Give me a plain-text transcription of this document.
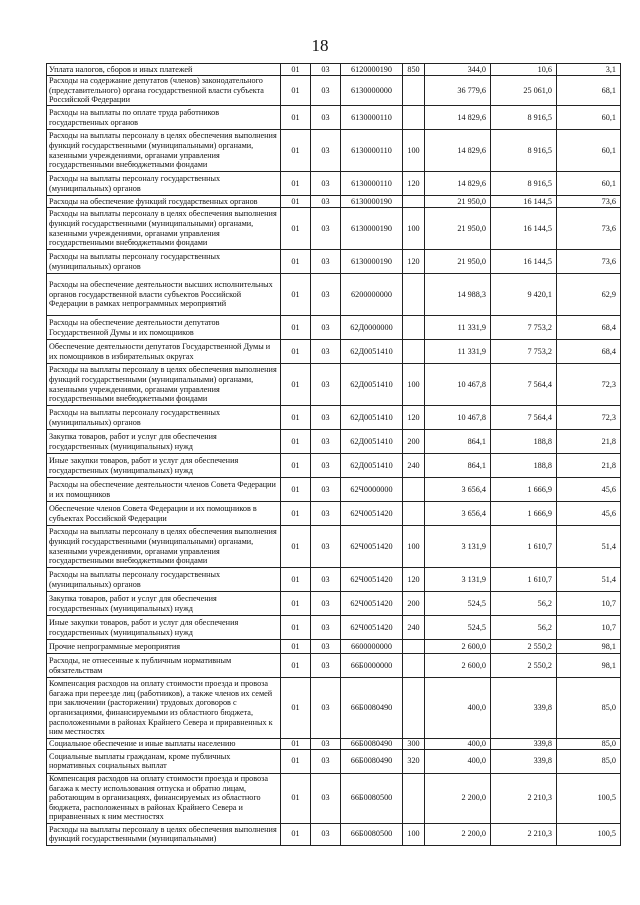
18
Уплата налогов, сборов и иных платежей	01	03	6120000190	850	344,0	10,6	3,1
Расходы на содержание депутатов (членов) законодательного (представительного) органа государственной власти субъекта Российской Федерации	01	03	6130000000		36 779,6	25 061,0	68,1
Расходы на выплаты по оплате труда работников государственных органов	01	03	6130000110		14 829,6	8 916,5	60,1
Расходы на выплаты персоналу в целях обеспечения выполнения функций государственными (муниципальными) органами, казенными учреждениями, органами управления государственными внебюджетными фондами	01	03	6130000110	100	14 829,6	8 916,5	60,1
Расходы на выплаты персоналу государственных (муниципальных) органов	01	03	6130000110	120	14 829,6	8 916,5	60,1
Расходы на обеспечение функций государственных органов	01	03	6130000190		21 950,0	16 144,5	73,6
Расходы на выплаты персоналу в целях обеспечения выполнения функций государственными (муниципальными) органами, казенными учреждениями, органами управления государственными внебюджетными фондами	01	03	6130000190	100	21 950,0	16 144,5	73,6
Расходы на выплаты персоналу государственных (муниципальных) органов	01	03	6130000190	120	21 950,0	16 144,5	73,6
Расходы на обеспечение деятельности высших исполнительных органов государственной власти субъектов Российской Федерации в рамках непрограммных мероприятий	01	03	6200000000		14 988,3	9 420,1	62,9
Расходы на обеспечение деятельности депутатов Государственной Думы и их помощников	01	03	62Д0000000		11 331,9	7 753,2	68,4
Обеспечение деятельности депутатов Государственной Думы и их помощников в избирательных округах	01	03	62Д0051410		11 331,9	7 753,2	68,4
Расходы на выплаты персоналу в целях обеспечения выполнения функций государственными (муниципальными) органами, казенными учреждениями, органами управления государственными внебюджетными фондами	01	03	62Д0051410	100	10 467,8	7 564,4	72,3
Расходы на выплаты персоналу государственных (муниципальных) органов	01	03	62Д0051410	120	10 467,8	7 564,4	72,3
Закупка товаров, работ и услуг для обеспечения государственных (муниципальных) нужд	01	03	62Д0051410	200	864,1	188,8	21,8
Иные закупки товаров, работ и услуг для обеспечения государственных (муниципальных) нужд	01	03	62Д0051410	240	864,1	188,8	21,8
Расходы на обеспечение деятельности членов Совета Федерации и их помощников	01	03	62Ч0000000		3 656,4	1 666,9	45,6
Обеспечение членов Совета Федерации и их помощников в субъектах Российской Федерации	01	03	62Ч0051420		3 656,4	1 666,9	45,6
Расходы на выплаты персоналу в целях обеспечения выполнения функций государственными (муниципальными) органами, казенными учреждениями, органами управления государственными внебюджетными фондами	01	03	62Ч0051420	100	3 131,9	1 610,7	51,4
Расходы на выплаты персоналу государственных (муниципальных) органов	01	03	62Ч0051420	120	3 131,9	1 610,7	51,4
Закупка товаров, работ и услуг для обеспечения государственных (муниципальных) нужд	01	03	62Ч0051420	200	524,5	56,2	10,7
Иные закупки товаров, работ и услуг для обеспечения государственных (муниципальных) нужд	01	03	62Ч0051420	240	524,5	56,2	10,7
Прочие непрограммные мероприятия	01	03	6600000000		2 600,0	2 550,2	98,1
Расходы, не отнесенные к публичным нормативным обязательствам	01	03	66Б0000000		2 600,0	2 550,2	98,1
Компенсация расходов на оплату стоимости проезда и провоза багажа при переезде лиц (работников), а также членов их семей при заключении (расторжении) трудовых договоров с организациями, финансируемыми из областного бюджета, расположенными в районах Крайнего Севера и приравненных к ним местностях	01	03	66Б0080490		400,0	339,8	85,0
Социальное обеспечение и иные выплаты населению	01	03	66Б0080490	300	400,0	339,8	85,0
Социальные выплаты гражданам, кроме публичных нормативных социальных выплат	01	03	66Б0080490	320	400,0	339,8	85,0
Компенсация расходов на оплату стоимости проезда и провоза багажа к месту использования отпуска и обратно лицам, работающим в организациях, финансируемых из областного бюджета, расположенных в районах Крайнего Севера и приравненных к ним местностях	01	03	66Б0080500		2 200,0	2 210,3	100,5
Расходы на выплаты персоналу в целях обеспечения выполнения функций государственными (муниципальными)	01	03	66Б0080500	100	2 200,0	2 210,3	100,5
